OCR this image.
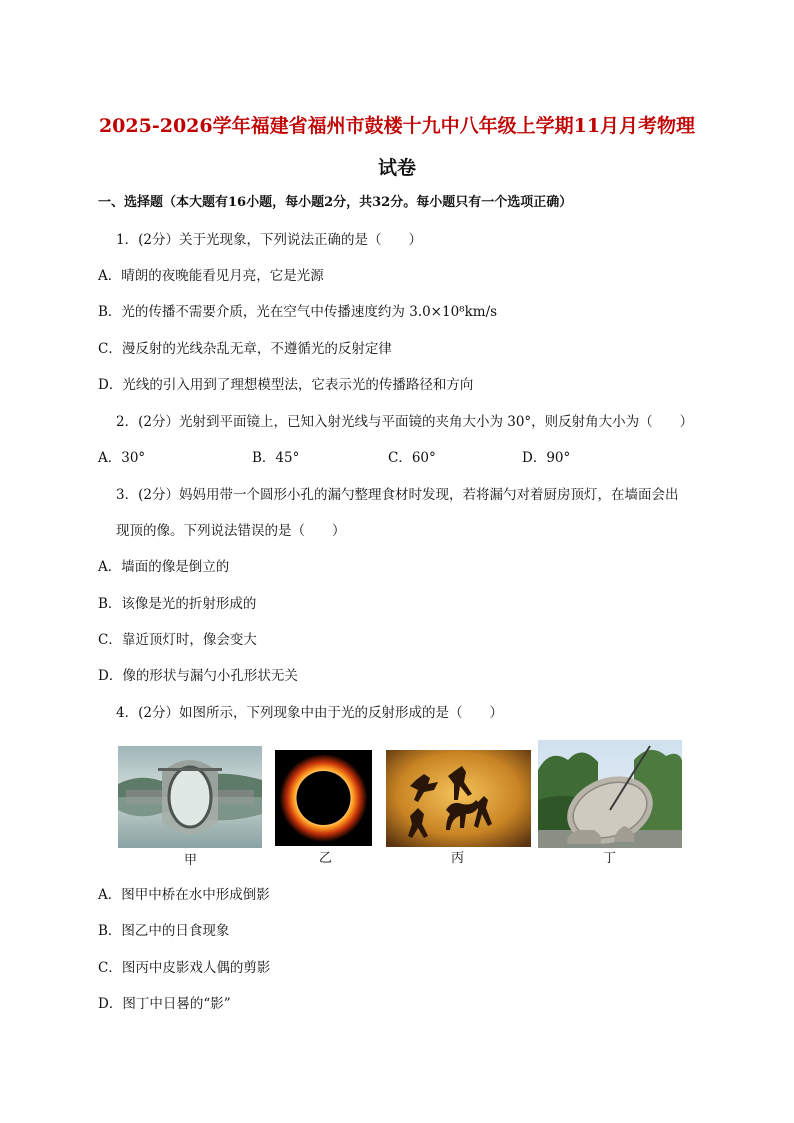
2025-2026学年福建省福州市鼓楼十九中八年级上学期11月月考物理
试卷
一、选择题（本大题有16小题，每小题2分，共32分。每小题只有一个选项正确）
1．(2分）关于光现象，下列说法正确的是（　　）
A．晴朗的夜晚能看见月亮，它是光源
B．光的传播不需要介质，光在空气中传播速度约为 3.0×10⁸km/s
C．漫反射的光线杂乱无章，不遵循光的反射定律
D．光线的引入用到了理想模型法，它表示光的传播路径和方向
2．(2分）光射到平面镜上，已知入射光线与平面镜的夹角大小为 30°，则反射角大小为（　　）
A．30°	B．45°	C．60°	D．90°
3．(2分）妈妈用带一个圆形小孔的漏勺整理食材时发现，若将漏勺对着厨房顶灯，在墙面会出
现顶的像。下列说法错误的是（　　）
A．墙面的像是倒立的
B．该像是光的折射形成的
C．靠近顶灯时，像会变大
D．像的形状与漏勺小孔形状无关
4．(2分）如图所示，下列现象中由于光的反射形成的是（　　）
甲	乙	丙	丁
A．图甲中桥在水中形成倒影
B．图乙中的日食现象
C．图丙中皮影戏人偶的剪影
D．图丁中日晷的“影”
